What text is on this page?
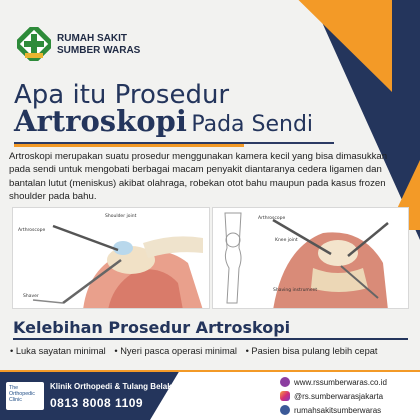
RUMAH SAKIT
SUMBER WARAS
Apa itu Prosedur
Artroskopi Pada Sendi
Artroskopi merupakan suatu prosedur menggunakan kamera kecil yang bisa dimasukkan pada sendi untuk mengobati berbagai macam penyakit diantaranya cedera ligamen dan bantalan lutut (meniskus) akibat olahraga, robekan otot bahu maupun pada kasus frozen shoulder pada bahu.
Arthroscope
Shoulder joint
Shaver
Arthroscope
Knee joint
Shaving instrument
Kelebihan Prosedur Artroskopi
• Luka sayatan minimal • Nyeri pasca operasi minimal • Pasien bisa pulang lebih cepat
The
Orthopedic
Clinic
Klinik Orthopedi & Tulang Belakang (SPINE)
0813 8008 1109
www.rssumberwaras.co.id
@rs.sumberwarasjakarta
rumahsakitsumberwaras
